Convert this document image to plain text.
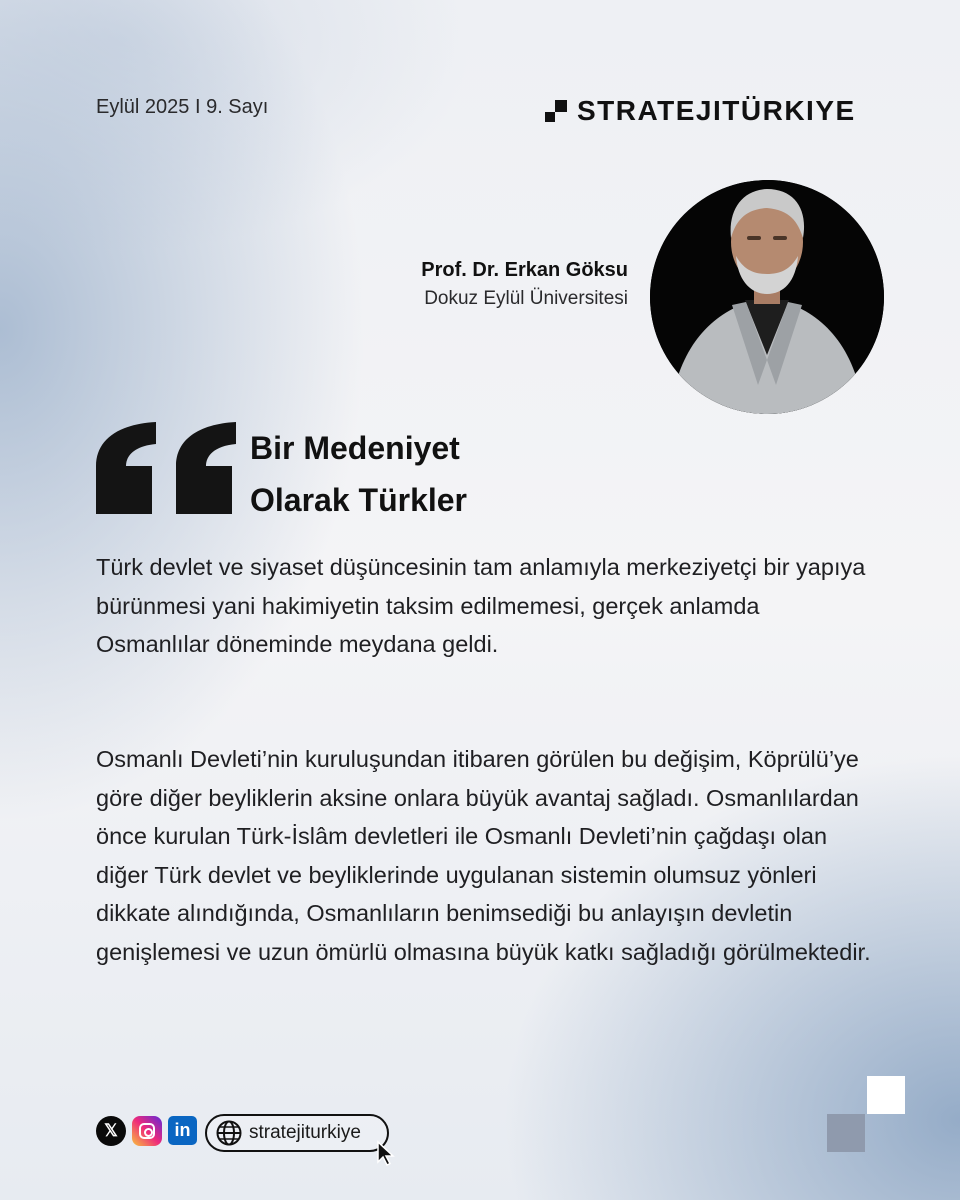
Eylül 2025 I 9. Sayı	STRATEJITÜRKIYE
Prof. Dr. Erkan Göksu
Dokuz Eylül Üniversitesi
Bir Medeniyet
Olarak Türkler

Türk devlet ve siyaset düşüncesinin tam anlamıyla merkeziyetçi bir yapıya bürünmesi yani hakimiyetin taksim edilmemesi, gerçek anlamda Osmanlılar döneminde meydana geldi.

Osmanlı Devleti’nin kuruluşundan itibaren görülen bu değişim, Köprülü’ye göre diğer beyliklerin aksine onlara büyük avantaj sağladı. Osmanlılardan önce kurulan Türk-İslâm devletleri ile Osmanlı Devleti’nin çağdaşı olan diğer Türk devlet ve beyliklerinde uygulanan sistemin olumsuz yönleri dikkate alındığında, Osmanlıların benimsediği bu anlayışın devletin genişlemesi ve uzun ömürlü olmasına büyük katkı sağladığı görülmektedir.

𝕏	in	stratejiturkiye
